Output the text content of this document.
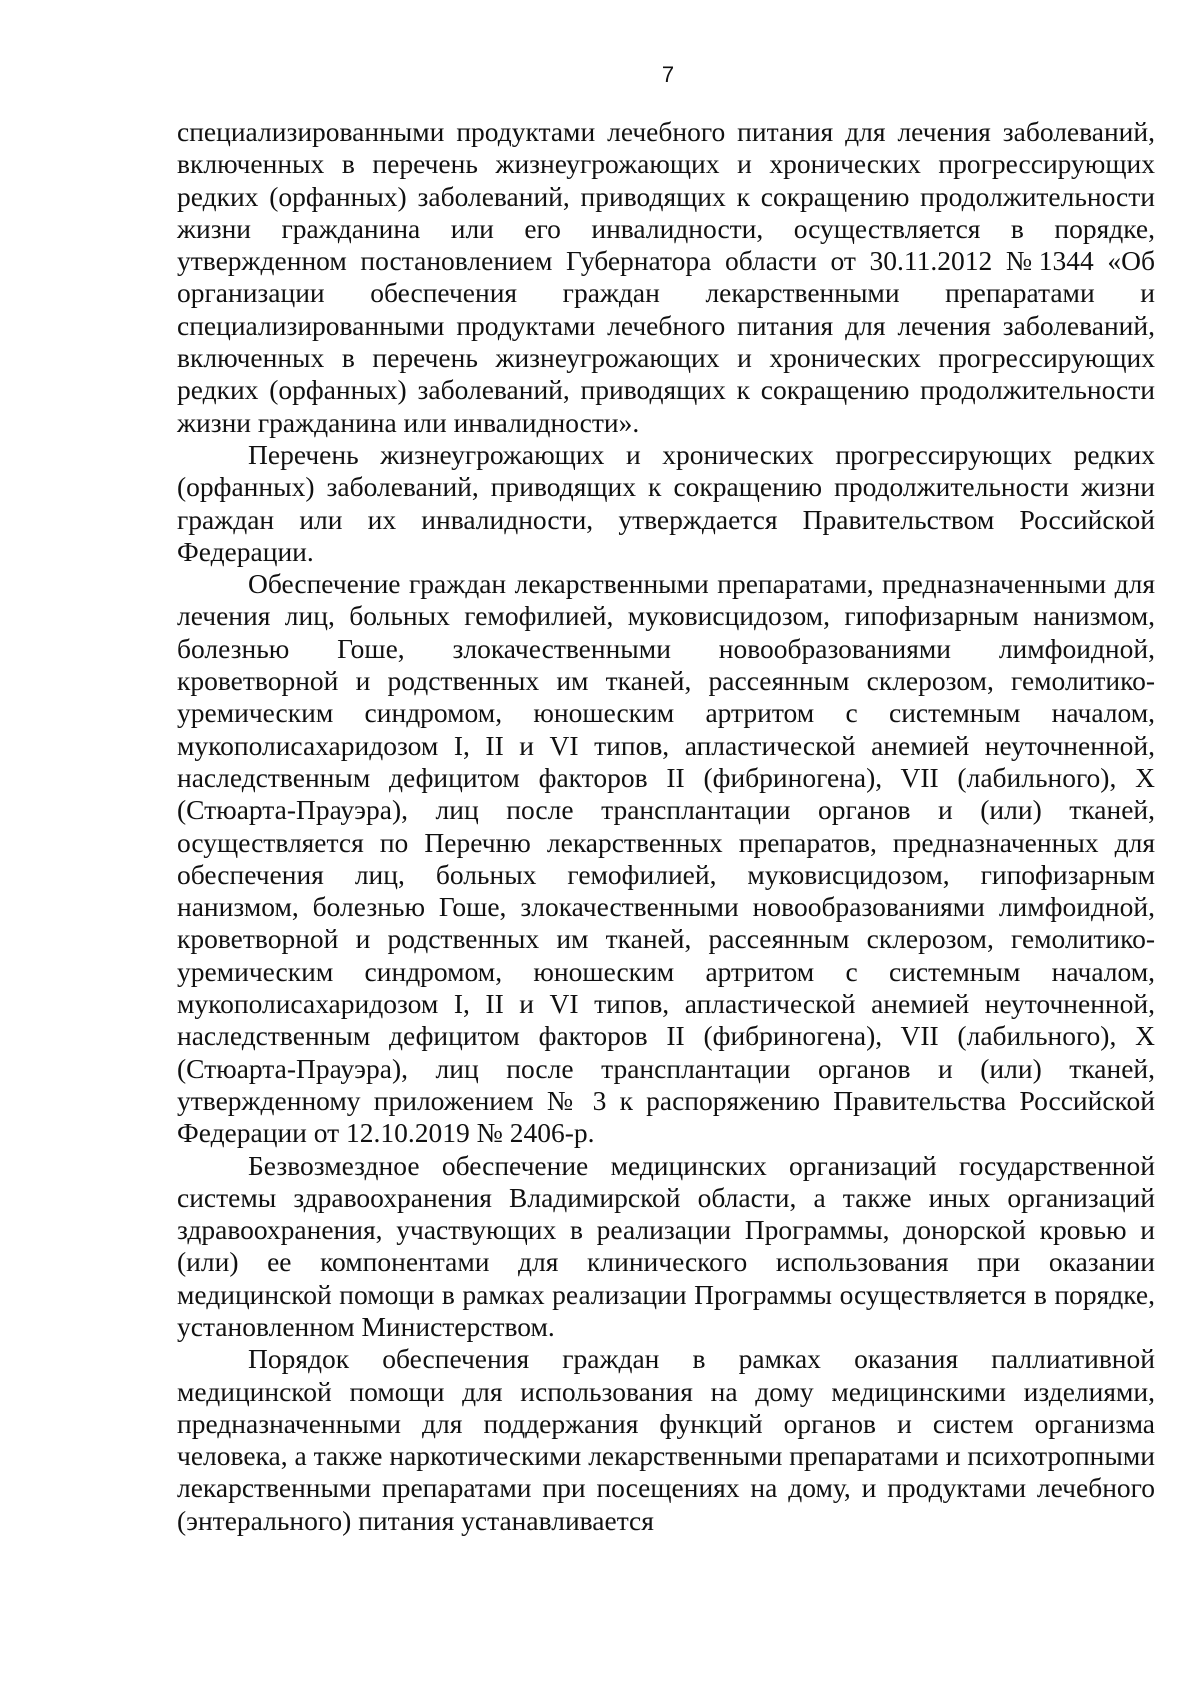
7

специализированными продуктами лечебного питания для лечения заболеваний, включенных в перечень жизнеугрожающих и хронических прогрессирующих редких (орфанных) заболеваний, приводящих к сокращению продолжительности жизни гражданина или его инвалидности, осуществляется в порядке, утвержденном постановлением Губернатора области от 30.11.2012 №1344 «Об организации обеспечения граждан лекарственными препаратами и специализированными продуктами лечебного питания для лечения заболеваний, включенных в перечень жизнеугрожающих и хронических прогрессирующих редких (орфанных) заболеваний, приводящих к сокращению продолжительности жизни гражданина или инвалидности».

Перечень жизнеугрожающих и хронических прогрессирующих редких (орфанных) заболеваний, приводящих к сокращению продолжительности жизни граждан или их инвалидности, утверждается Правительством Российской Федерации.

Обеспечение граждан лекарственными препаратами, предназначенными для лечения лиц, больных гемофилией, муковисцидозом, гипофизарным нанизмом, болезнью Гоше, злокачественными новообразованиями лимфоидной, кроветворной и родственных им тканей, рассеянным склерозом, гемолитико-уремическим синдромом, юношеским артритом с системным началом, мукополисахаридозом I, II и VI типов, апластической анемией неуточненной, наследственным дефицитом факторов II (фибриногена), VII (лабильного), X (Стюарта-Прауэра), лиц после трансплантации органов и (или) тканей, осуществляется по Перечню лекарственных препаратов, предназначенных для обеспечения лиц, больных гемофилией, муковисцидозом, гипофизарным нанизмом, болезнью Гоше, злокачественными новообразованиями лимфоидной, кроветворной и родственных им тканей, рассеянным склерозом, гемолитико-уремическим синдромом, юношеским артритом с системным началом, мукополисахаридозом I, II и VI типов, апластической анемией неуточненной, наследственным дефицитом факторов II (фибриногена), VII (лабильного), X (Стюарта-Прауэра), лиц после трансплантации органов и (или) тканей, утвержденному приложением № 3 к распоряжению Правительства Российской Федерации от 12.10.2019 № 2406-р.

Безвозмездное обеспечение медицинских организаций государственной системы здравоохранения Владимирской области, а также иных организаций здравоохранения, участвующих в реализации Программы, донорской кровью и (или) ее компонентами для клинического использования при оказании медицинской помощи в рамках реализации Программы осуществляется в порядке, установленном Министерством.

Порядок обеспечения граждан в рамках оказания паллиативной медицинской помощи для использования на дому медицинскими изделиями, предназначенными для поддержания функций органов и систем организма человека, а также наркотическими лекарственными препаратами и психотропными лекарственными препаратами при посещениях на дому, и продуктами лечебного (энтерального) питания устанавливается
